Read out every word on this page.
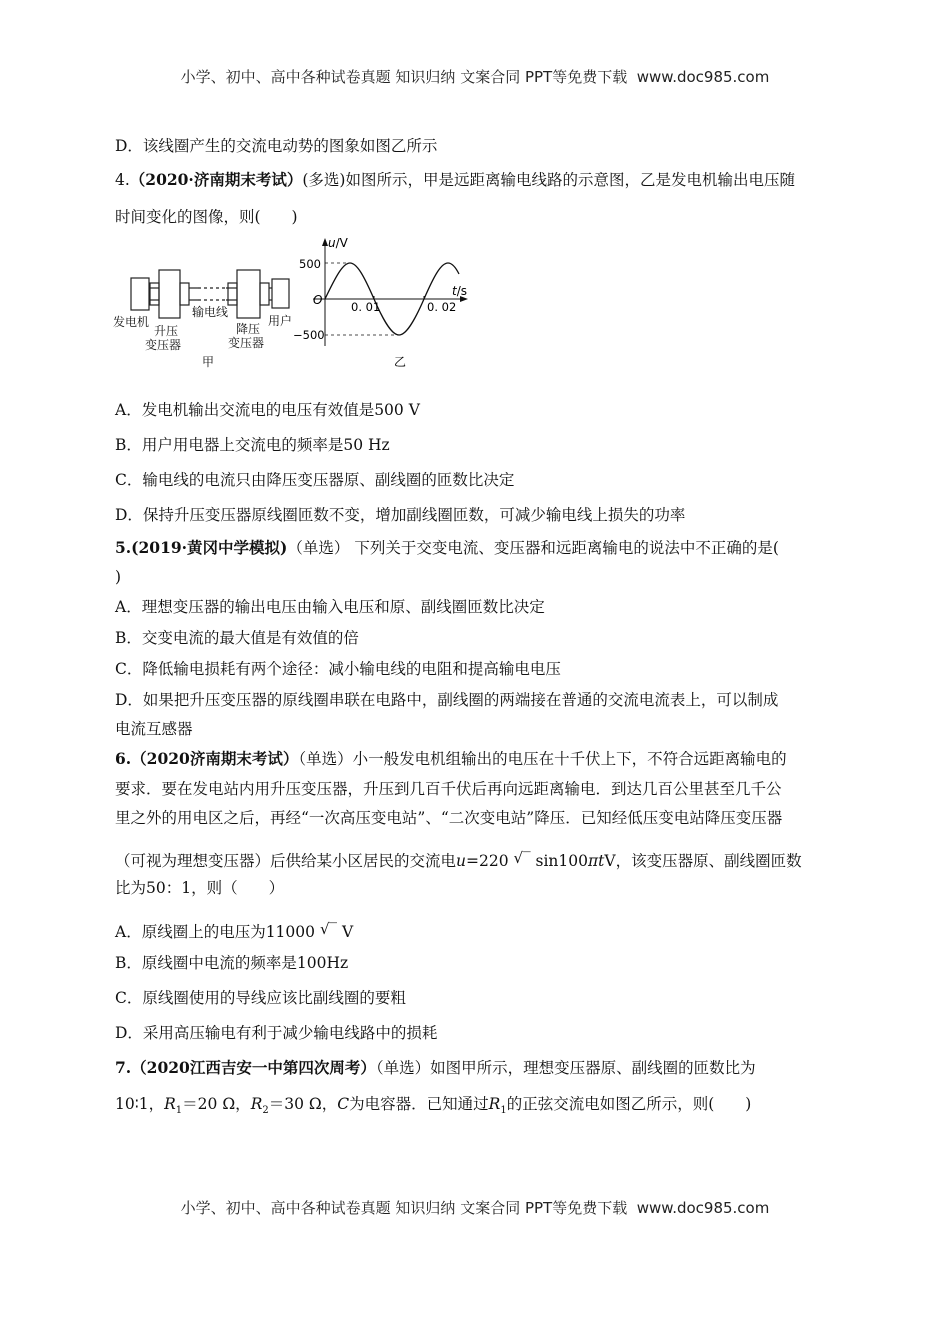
小学、初中、高中各种试卷真题 知识归纳 文案合同 PPT等免费下载 www.doc985.com
D．该线圈产生的交流电动势的图象如图乙所示
4.（2020·济南期末考试）(多选)如图所示，甲是远距离输电线路的示意图，乙是发电机输出电压随
时间变化的图像，则(　　)
发电机
升压
变压器
输电线
降压
变压器
用户
甲
u/V
t/s
O
500
−500
0. 01	0. 02
乙
A．发电机输出交流电的电压有效值是500 V
B．用户用电器上交流电的频率是50 Hz
C．输电线的电流只由降压变压器原、副线圈的匝数比决定
D．保持升压变压器原线圈匝数不变，增加副线圈匝数，可减少输电线上损失的功率
5.(2019·黄冈中学模拟)（单选） 下列关于交变电流、变压器和远距离输电的说法中不正确的是(
)
A．理想变压器的输出电压由输入电压和原、副线圈匝数比决定
B．交变电流的最大值是有效值的倍
C．降低输电损耗有两个途径：减小输电线的电阻和提高输电电压
D．如果把升压变压器的原线圈串联在电路中，副线圈的两端接在普通的交流电流表上，可以制成
电流互感器
6.（2020济南期末考试）（单选）小一般发电机组输出的电压在十千伏上下，不符合远距离输电的
要求．要在发电站内用升压变压器，升压到几百千伏后再向远距离输电．到达几百公里甚至几千公
里之外的用电区之后，再经“一次高压变电站”、“二次变电站”降压．已知经低压变电站降压变压器
（可视为理想变压器）后供给某小区居民的交流电u=220 √‾ sin100πtV，该变压器原、副线圈匝数
比为50：1，则（　　）
A．原线圈上的电压为11000 √‾ V
B．原线圈中电流的频率是100Hz
C．原线圈使用的导线应该比副线圈的要粗
D．采用高压输电有利于减少输电线路中的损耗
7.（2020江西吉安一中第四次周考）（单选）如图甲所示，理想变压器原、副线圈的匝数比为
10∶1，$R_1=20$ Ω，$R_2=30$ Ω，C为电容器．已知通过$R_1$的正弦交流电如图乙所示，则(　　)
小学、初中、高中各种试卷真题 知识归纳 文案合同 PPT等免费下载 www.doc985.com
